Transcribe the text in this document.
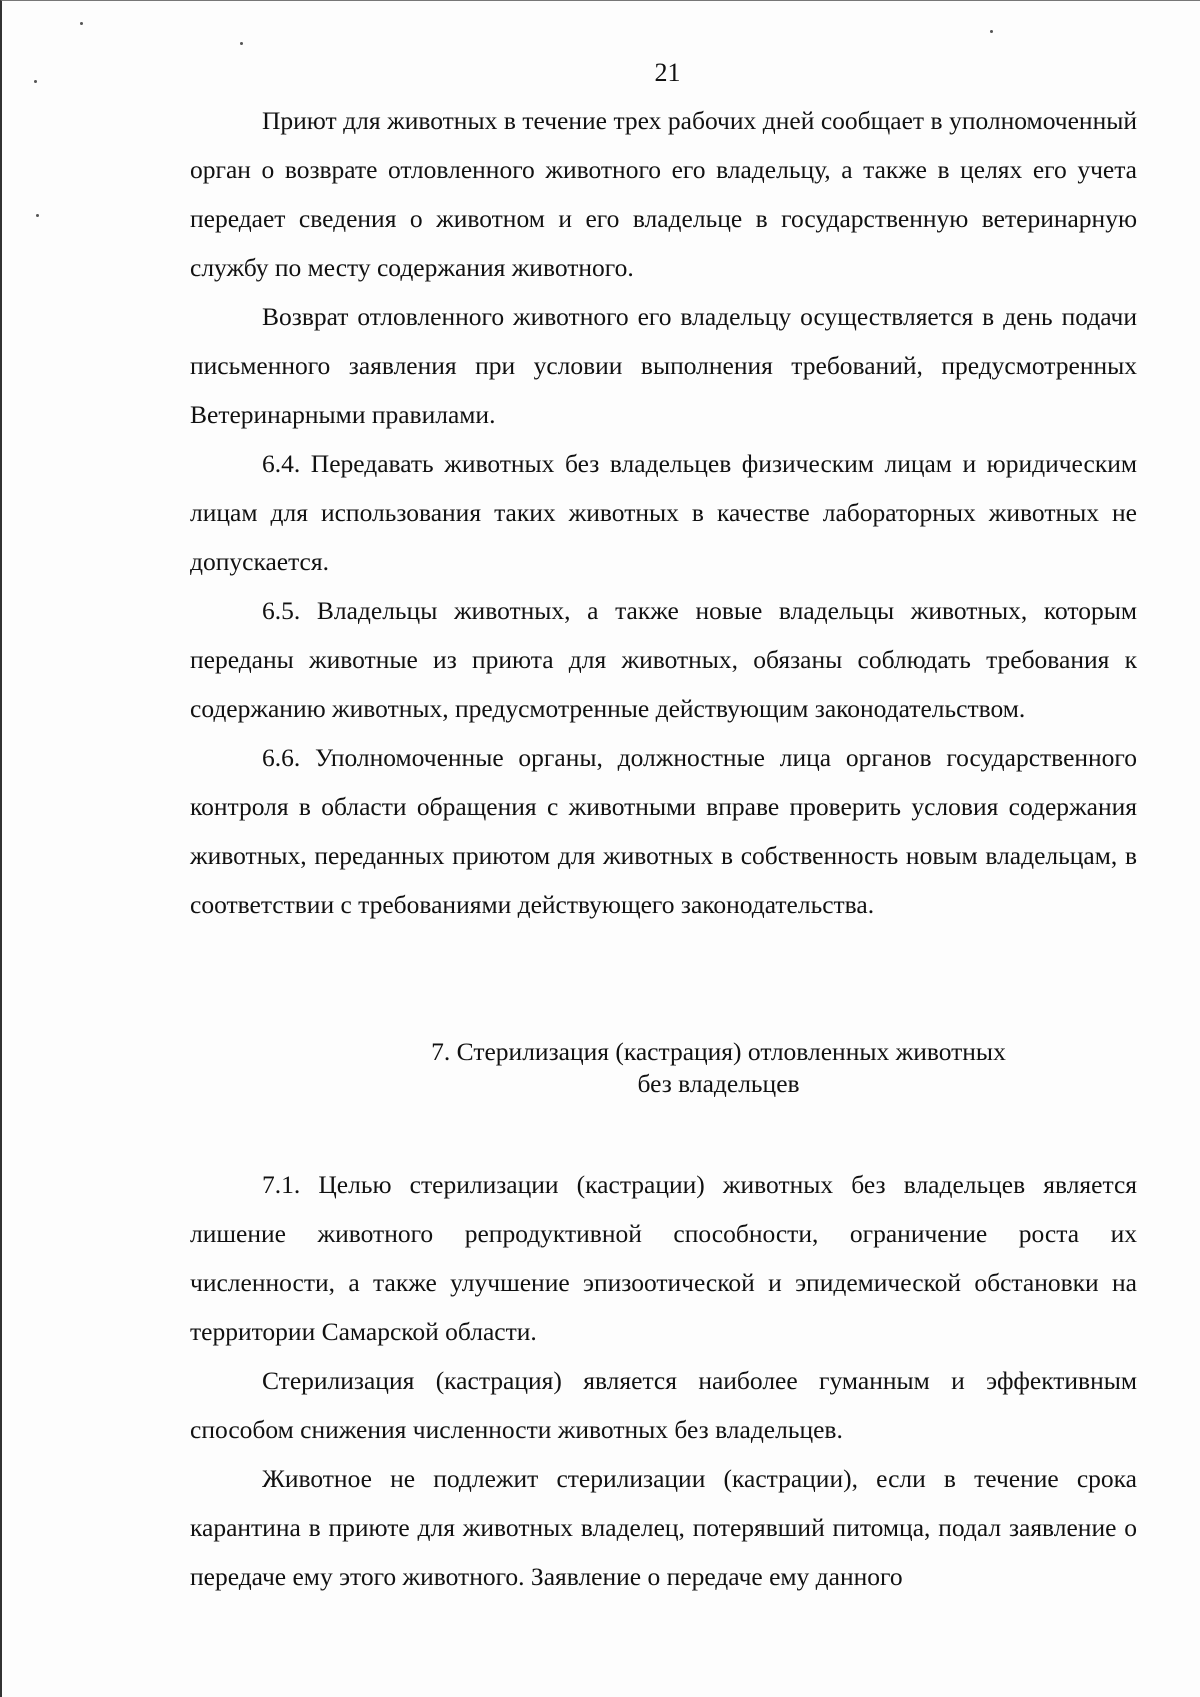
21

Приют для животных в течение трех рабочих дней сообщает в уполномоченный орган о возврате отловленного животного его владельцу, а также в целях его учета передает сведения о животном и его владельце в государственную ветеринарную службу по месту содержания животного.

Возврат отловленного животного его владельцу осуществляется в день подачи письменного заявления при условии выполнения требований, предусмотренных Ветеринарными правилами.

6.4. Передавать животных без владельцев физическим лицам и юридическим лицам для использования таких животных в качестве лабораторных животных не допускается.

6.5. Владельцы животных, а также новые владельцы животных, которым переданы животные из приюта для животных, обязаны соблюдать требования к содержанию животных, предусмотренные действующим законодательством.

6.6. Уполномоченные органы, должностные лица органов государственного контроля в области обращения с животными вправе проверить условия содержания животных, переданных приютом для животных в собственность новым владельцам, в соответствии с требованиями действующего законодательства.

7. Стерилизация (кастрация) отловленных животных
без владельцев

7.1. Целью стерилизации (кастрации) животных без владельцев является лишение животного репродуктивной способности, ограничение роста их численности, а также улучшение эпизоотической и эпидемической обстановки на территории Самарской области.

Стерилизация (кастрация) является наиболее гуманным и эффективным способом снижения численности животных без владельцев.

Животное не подлежит стерилизации (кастрации), если в течение срока карантина в приюте для животных владелец, потерявший питомца, подал заявление о передаче ему этого животного. Заявление о передаче ему данного
